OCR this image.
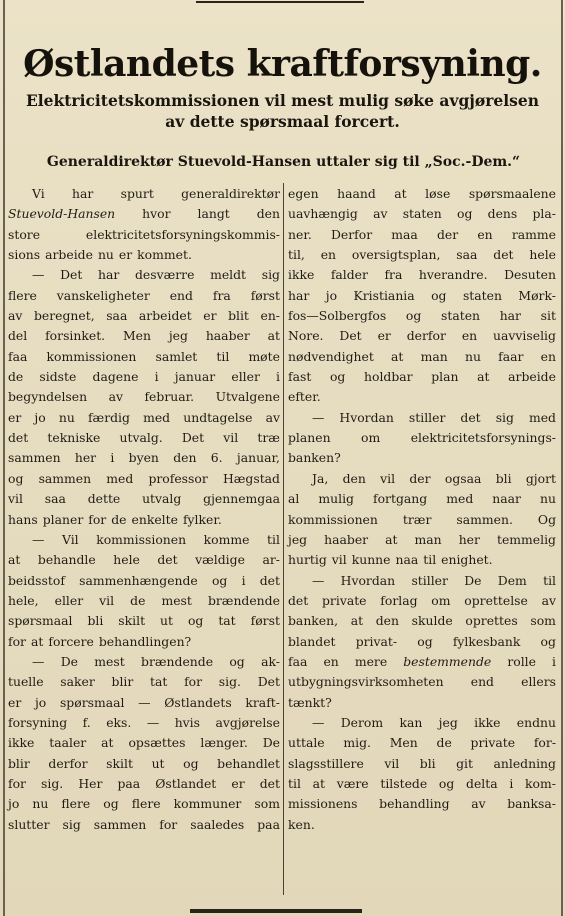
Østlandets kraftforsyning.
Elektricitetskommissionen vil mest mulig søke avgjørelsen av dette spørsmaal forcert.
Generaldirektør Stuevold-Hansen uttaler sig til „Soc.-Dem.“
Vi har spurt generaldirektør
Stuevold-Hansen hvor langt den
store	elektricitetsforsyningskommis-
sions arbeide nu er kommet.
— Det har desværre meldt sig
flere vanskeligheter end fra først
av beregnet, saa arbeidet er blit en-
del forsinket. Men jeg haaber at
faa kommissionen samlet til møte
de sidste dagene i januar eller i
begyndelsen av februar. Utvalgene
er jo nu færdig med undtagelse av
det tekniske utvalg. Det vil træ
sammen her i byen den 6. januar,
og sammen med professor Hægstad
vil saa dette utvalg gjennemgaa
hans planer for de enkelte fylker.
— Vil kommissionen komme til
at behandle hele det vældige ar-
beidsstof sammenhængende og i det
hele, eller vil de mest brændende
spørsmaal bli skilt ut og tat først
for at forcere behandlingen?
— De mest brændende og ak-
tuelle saker blir tat for sig. Det
er jo spørsmaal — Østlandets kraft-
forsyning f. eks. — hvis avgjørelse
ikke taaler at opsættes længer. De
blir derfor skilt ut og behandlet
for sig. Her paa Østlandet er det
jo nu flere og flere kommuner som
slutter sig sammen for saaledes paa
egen haand at løse spørsmaalene
uavhængig av staten og dens pla-
ner. Derfor maa der en ramme
til, en oversigtsplan, saa det hele
ikke falder fra hverandre. Desuten
har jo Kristiania og staten Mørk-
fos—Solbergfos og staten har sit
Nore. Det er derfor en uavviselig
nødvendighet at man nu faar en
fast og holdbar plan at arbeide
efter.
— Hvordan stiller det sig med
planen om elektricitetsforsynings-
banken?
Ja, den vil der ogsaa bli gjort
al mulig fortgang med naar nu
kommissionen trær sammen. Og
jeg haaber at man her temmelig
hurtig vil kunne naa til enighet.
— Hvordan stiller De Dem til
det private forlag om oprettelse av
banken, at den skulde oprettes som
blandet privat- og fylkesbank og
faa en mere bestemmende rolle i
utbygningsvirksomheten end ellers
tænkt?
— Derom kan jeg ikke endnu
uttale mig. Men de private for-
slagsstillere vil bli git anledning
til at være tilstede og delta i kom-
missionens behandling av banksa-
ken.
